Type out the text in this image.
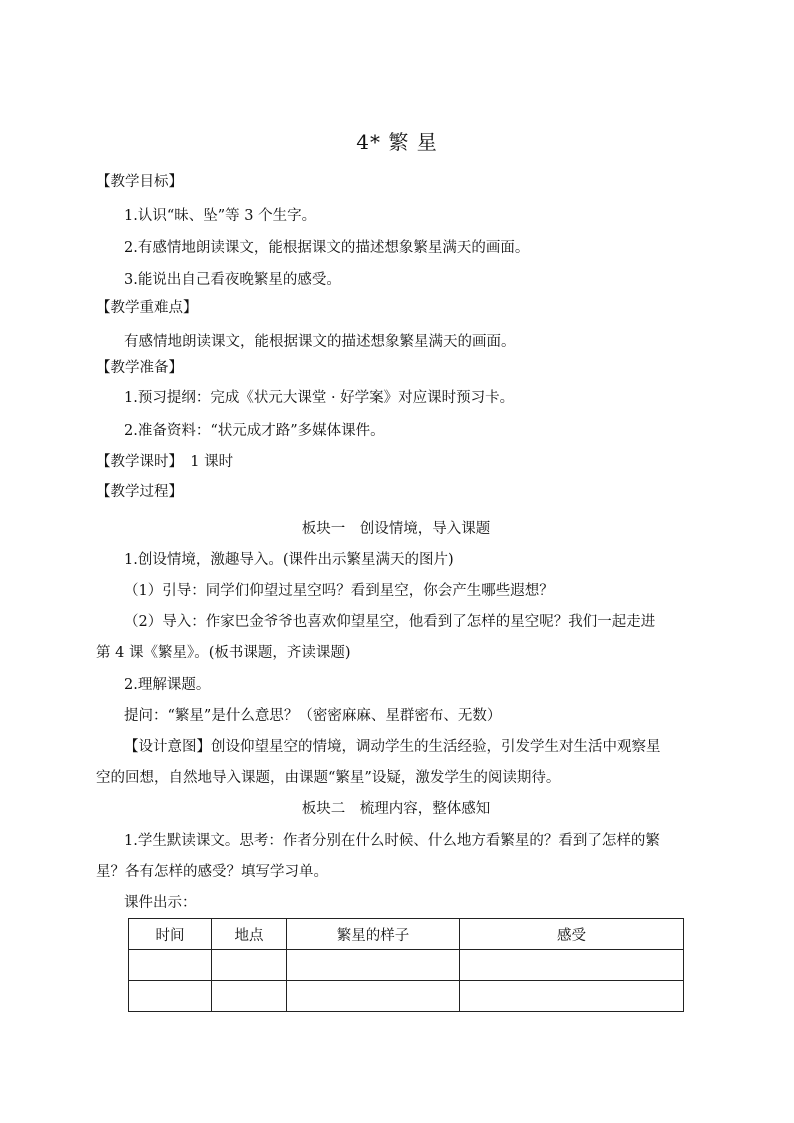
4* 繁 星
【教学目标】
1.认识“昧、坠”等 3 个生字。
2.有感情地朗读课文，能根据课文的描述想象繁星满天的画面。
3.能说出自己看夜晚繁星的感受。
【教学重难点】
有感情地朗读课文，能根据课文的描述想象繁星满天的画面。
【教学准备】
1.预习提纲：完成《状元大课堂 · 好学案》对应课时预习卡。
2.准备资料：“状元成才路”多媒体课件。
【教学课时】　1 课时
【教学过程】
板块一　创设情境，导入课题
1.创设情境，激趣导入。(课件出示繁星满天的图片)
（1）引导：同学们仰望过星空吗？看到星空，你会产生哪些遐想？
（2）导入：作家巴金爷爷也喜欢仰望星空，他看到了怎样的星空呢？我们一起走进
第 4 课《繁星》。(板书课题，齐读课题)
2.理解课题。
提问：“繁星”是什么意思？（密密麻麻、星群密布、无数）
【设计意图】创设仰望星空的情境，调动学生的生活经验，引发学生对生活中观察星
空的回想，自然地导入课题，由课题“繁星”设疑，激发学生的阅读期待。
板块二　梳理内容，整体感知
1.学生默读课文。思考：作者分别在什么时候、什么地方看繁星的？看到了怎样的繁
星？各有怎样的感受？填写学习单。
课件出示：
时间	地点	繁星的样子	感受
